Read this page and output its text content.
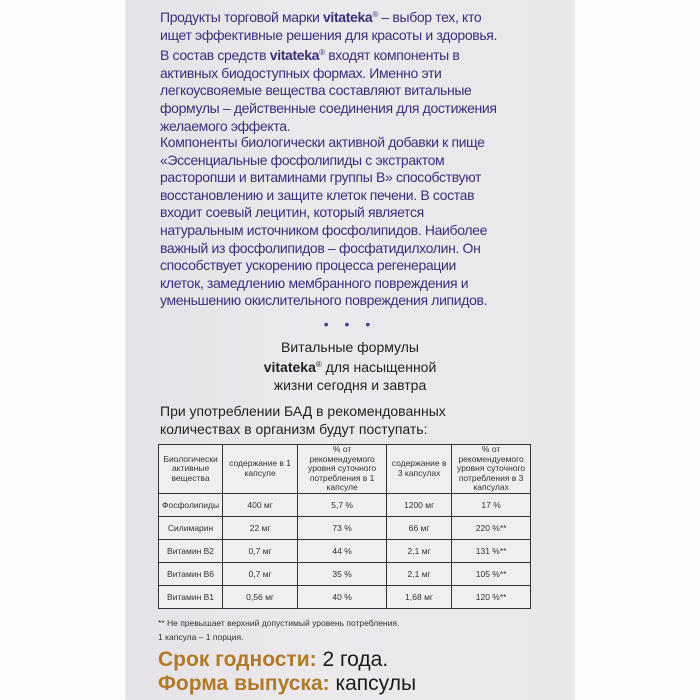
Продукты торговой марки vitateka® – выбор тех, кто
ищет эффективные решения для красоты и здоровья.
В состав средств vitateka® входят компоненты в
активных биодоступных формах. Именно эти
легкоусвояемые вещества составляют витальные
формулы – действенные соединения для достижения
желаемого эффекта.
Компоненты биологически активной добавки к пище
«Эссенциальные фосфолипиды с экстрактом
расторопши и витаминами группы В» способствуют
восстановлению и защите клеток печени. В состав
входит соевый лецитин, который является
натуральным источником фосфолипидов. Наиболее
важный из фосфолипидов – фосфатидилхолин. Он
способствует ускорению процесса регенерации
клеток, замедлению мембранного повреждения и
уменьшению окислительного повреждения липидов.
• • •
Витальные формулы
vitateka® для насыщенной
жизни сегодня и завтра
При употреблении БАД в рекомендованных
количествах в организм будут поступать:
Биологически активные вещества	содержание в 1 капсуле	% от рекомендуемого уровня суточного потребления в 1 капсуле	содержание в 3 капсулах	% от рекомендуемого уровня суточного потребления в 3 капсулах
Фосфолипиды	400 мг	5,7 %	1200 мг	17 %
Силимарин	22 мг	73 %	66 мг	220 %**
Витамин B2	0,7 мг	44 %	2,1 мг	131 %**
Витамин B6	0,7 мг	35 %	2,1 мг	105 %**
Витамин B1	0,56 мг	40 %	1,68 мг	120 %**
** Не превышает верхний допустимый уровень потребления.
1 капсула – 1 порция.
Срок годности: 2 года.
Форма выпуска: капсулы
